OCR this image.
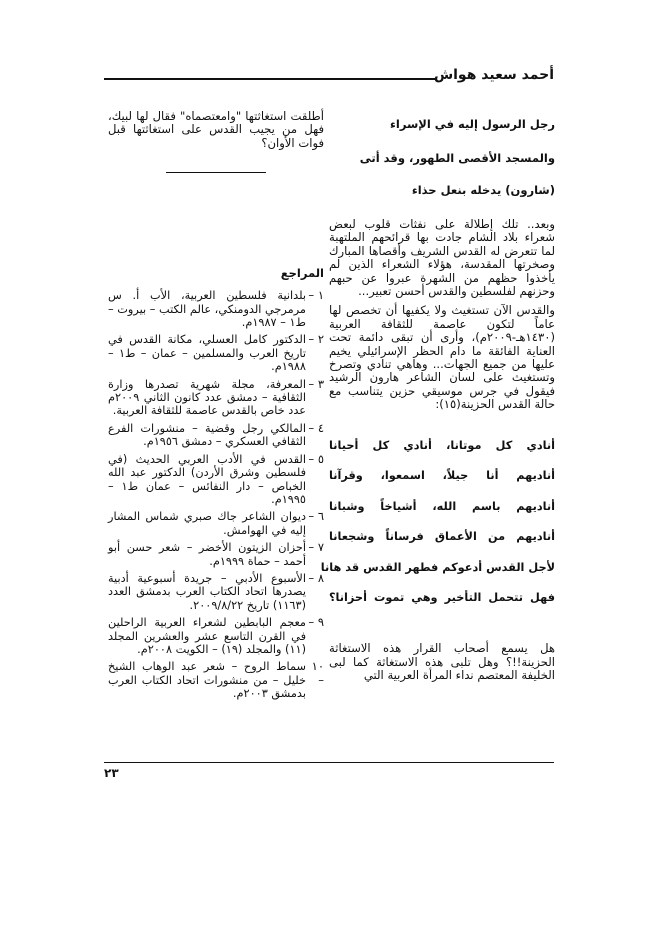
أحمد سعيد هواش

رجل الرسول إليه في الإسراء

والمسجد الأقصى الطهور، وقد أتى

(شارون) يدخله بنعل حذاء

وبعد.. تلك إطلالة على نفثات قلوب لبعض شعراء بلاد الشام جادت بها قرائحهم الملتهبة لما تتعرض له القدس الشريف وأقصاها المبارك وصخرتها المقدسة، هؤلاء الشعراء الذين لم يأخذوا حظهم من الشهرة عبروا عن حبهم وحزنهم لفلسطين والقدس أحسن تعبير...

والقدس الآن تستغيث ولا يكفيها أن تخصص لها عاماً لتكون عاصمة للثقافة العربية (١٤٣٠هـ-٢٠٠٩م)، وأرى أن تبقى دائمة تحت العناية الفائقة ما دام الحظر الإسرائيلي يخيم عليها من جميع الجهات... وهاهي تنادي وتصرخ وتستغيث على لسان الشاعر هارون الرشيد فيقول في جرس موسيقي حزين يتناسب مع حالة القدس الحزينة(١٥):

أنادي كل موتانا، أنادي كل أحيانا

أناديهم أنا جيلاً، اسمعوا، وقرآنا

أناديهم باسم الله، أشياخاً وشبانا

أناديهم من الأعماق فرساناً وشجعانا

لأجل القدس أدعوكم فطهر القدس قد هانا

فهل تتحمل التأخير وهي تموت أحزانا؟

هل يسمع أصحاب القرار هذه الاستغاثة الحزينة!!؟ وهل تلبى هذه الاستغاثة كما لبى الخليفة المعتصم نداء المرأة العربية التي

أطلقت استغاثتها "وامعتصماه" فقال لها لبيك، فهل من يجيب القدس على استغاثتها قبل فوات الأوان؟

المراجع

١ –
بلدانية فلسطين العربية، الأب أ. س مرمرجي الدومنكي، عالم الكتب – بيروت – ط١ – ١٩٨٧م.
٢ –
الدكتور كامل العسلي، مكانة القدس في تاريخ العرب والمسلمين – عمان – ط١ – ١٩٨٨م.
٣ –
المعرفة، مجلة شهرية تصدرها وزارة الثقافية – دمشق عدد كانون الثاني ٢٠٠٩م عدد خاص بالقدس عاصمة للثقافة العربية.
٤ –
المالكي رجل وقضية – منشورات الفرع الثقافي العسكري – دمشق ١٩٥٦م.
٥ –
القدس في الأدب العربي الحديث (في فلسطين وشرق الأردن) الدكتور عبد الله الخباص – دار النفائس – عمان ط١ – ١٩٩٥م.
٦ –
ديوان الشاعر جاك صبري شماس المشار إليه في الهوامش.
٧ –
أحزان الزيتون الأخضر – شعر حسن أبو أحمد – حماة ١٩٩٩م.
٨ –
الأسبوع الأدبي – جريدة أسبوعية أدبية يصدرها اتحاد الكتاب العرب بدمشق العدد (١١٦٣) تاريخ ٢٠٠٩/٨/٢٢.
٩ –
معجم البابطين لشعراء العربية الراحلين في القرن التاسع عشر والعشرين المجلد (١١) والمجلد (١٩) – الكويت ٢٠٠٨م.
١٠ –
سماط الروح – شعر عبد الوهاب الشيخ خليل – من منشورات اتحاد الكتاب العرب بدمشق ٢٠٠٣م.
٢٣
